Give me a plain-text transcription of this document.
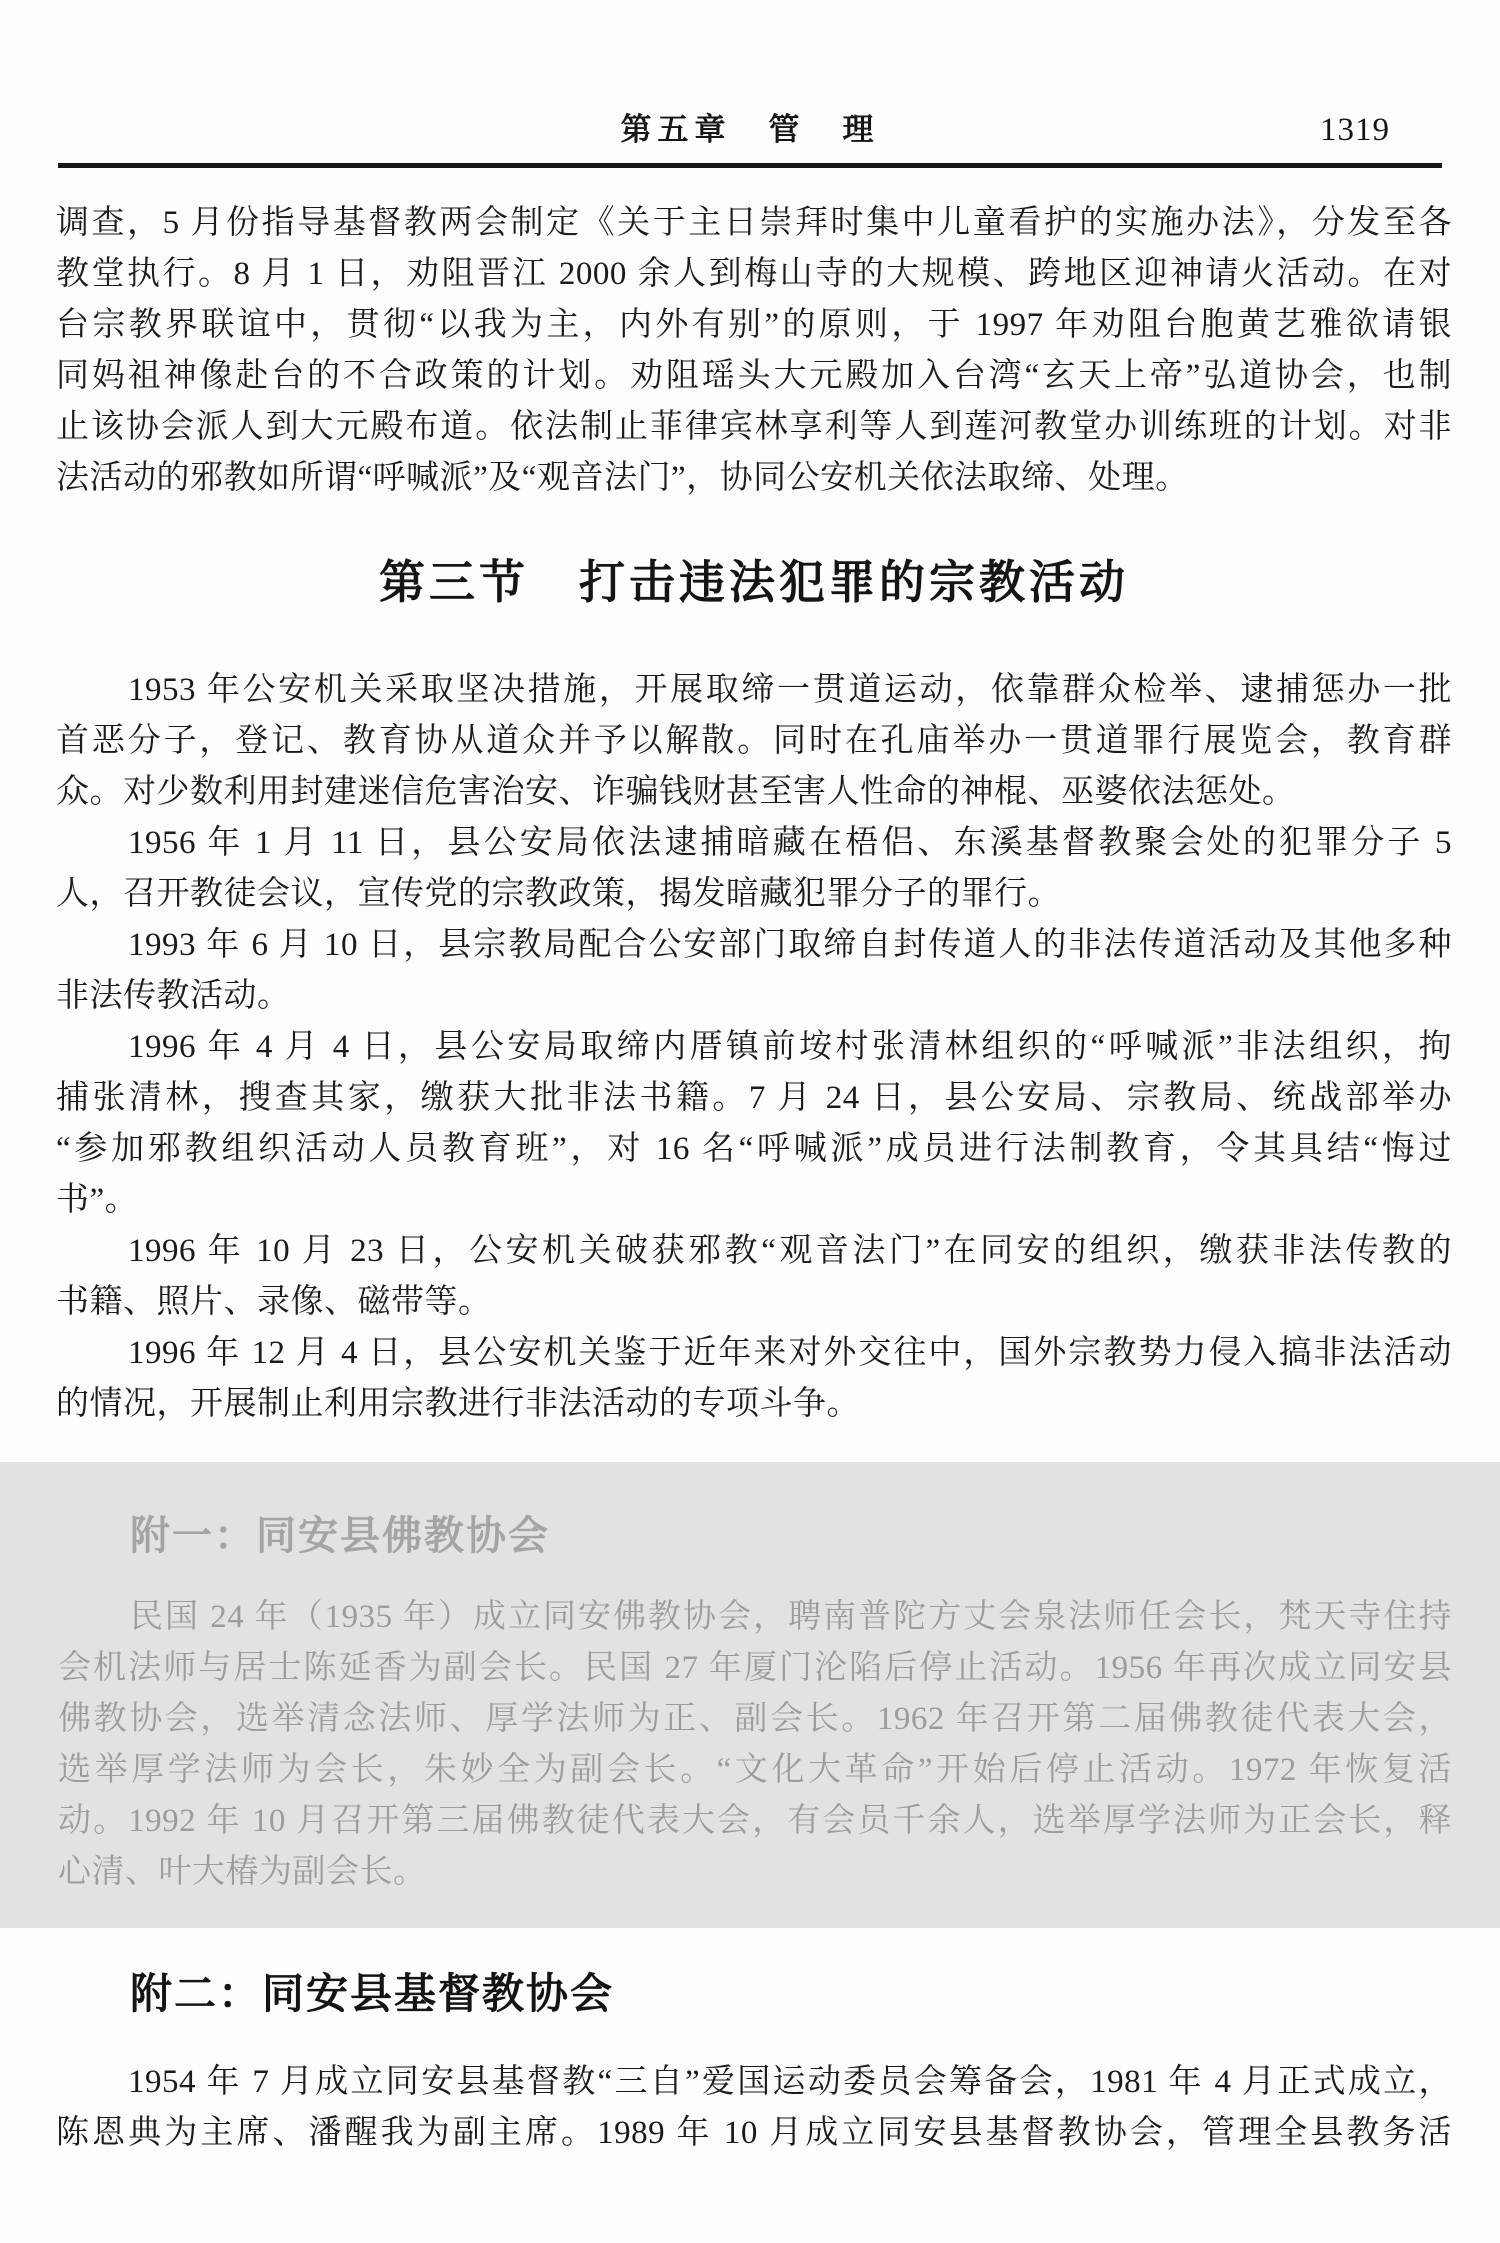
第五章　管　理	1319
调查，5 月份指导基督教两会制定《关于主日崇拜时集中儿童看护的实施办法》，分发至各
教堂执行。8 月 1 日，劝阻晋江 2000 余人到梅山寺的大规模、跨地区迎神请火活动。在对
台宗教界联谊中，贯彻“以我为主，内外有别”的原则，于 1997 年劝阻台胞黄艺雅欲请银
同妈祖神像赴台的不合政策的计划。劝阻瑶头大元殿加入台湾“玄天上帝”弘道协会，也制
止该协会派人到大元殿布道。依法制止菲律宾林享利等人到莲河教堂办训练班的计划。对非
法活动的邪教如所谓“呼喊派”及“观音法门”，协同公安机关依法取缔、处理。
第三节　打击违法犯罪的宗教活动
1953 年公安机关采取坚决措施，开展取缔一贯道运动，依靠群众检举、逮捕惩办一批
首恶分子，登记、教育协从道众并予以解散。同时在孔庙举办一贯道罪行展览会，教育群
众。对少数利用封建迷信危害治安、诈骗钱财甚至害人性命的神棍、巫婆依法惩处。
1956 年 1 月 11 日，县公安局依法逮捕暗藏在梧侣、东溪基督教聚会处的犯罪分子 5
人，召开教徒会议，宣传党的宗教政策，揭发暗藏犯罪分子的罪行。
1993 年 6 月 10 日，县宗教局配合公安部门取缔自封传道人的非法传道活动及其他多种
非法传教活动。
1996 年 4 月 4 日，县公安局取缔内厝镇前垵村张清林组织的“呼喊派”非法组织，拘
捕张清林，搜查其家，缴获大批非法书籍。7 月 24 日，县公安局、宗教局、统战部举办
“参加邪教组织活动人员教育班”，对 16 名“呼喊派”成员进行法制教育，令其具结“悔过
书”。
1996 年 10 月 23 日，公安机关破获邪教“观音法门”在同安的组织，缴获非法传教的
书籍、照片、录像、磁带等。
1996 年 12 月 4 日，县公安机关鉴于近年来对外交往中，国外宗教势力侵入搞非法活动
的情况，开展制止利用宗教进行非法活动的专项斗争。
附一：同安县佛教协会
民国 24 年（1935 年）成立同安佛教协会，聘南普陀方丈会泉法师任会长，梵天寺住持
会机法师与居士陈延香为副会长。民国 27 年厦门沦陷后停止活动。1956 年再次成立同安县
佛教协会，选举清念法师、厚学法师为正、副会长。1962 年召开第二届佛教徒代表大会，
选举厚学法师为会长，朱妙全为副会长。“文化大革命”开始后停止活动。1972 年恢复活
动。1992 年 10 月召开第三届佛教徒代表大会，有会员千余人，选举厚学法师为正会长，释
心清、叶大椿为副会长。
附二：同安县基督教协会
1954 年 7 月成立同安县基督教“三自”爱国运动委员会筹备会，1981 年 4 月正式成立，
陈恩典为主席、潘醒我为副主席。1989 年 10 月成立同安县基督教协会，管理全县教务活
